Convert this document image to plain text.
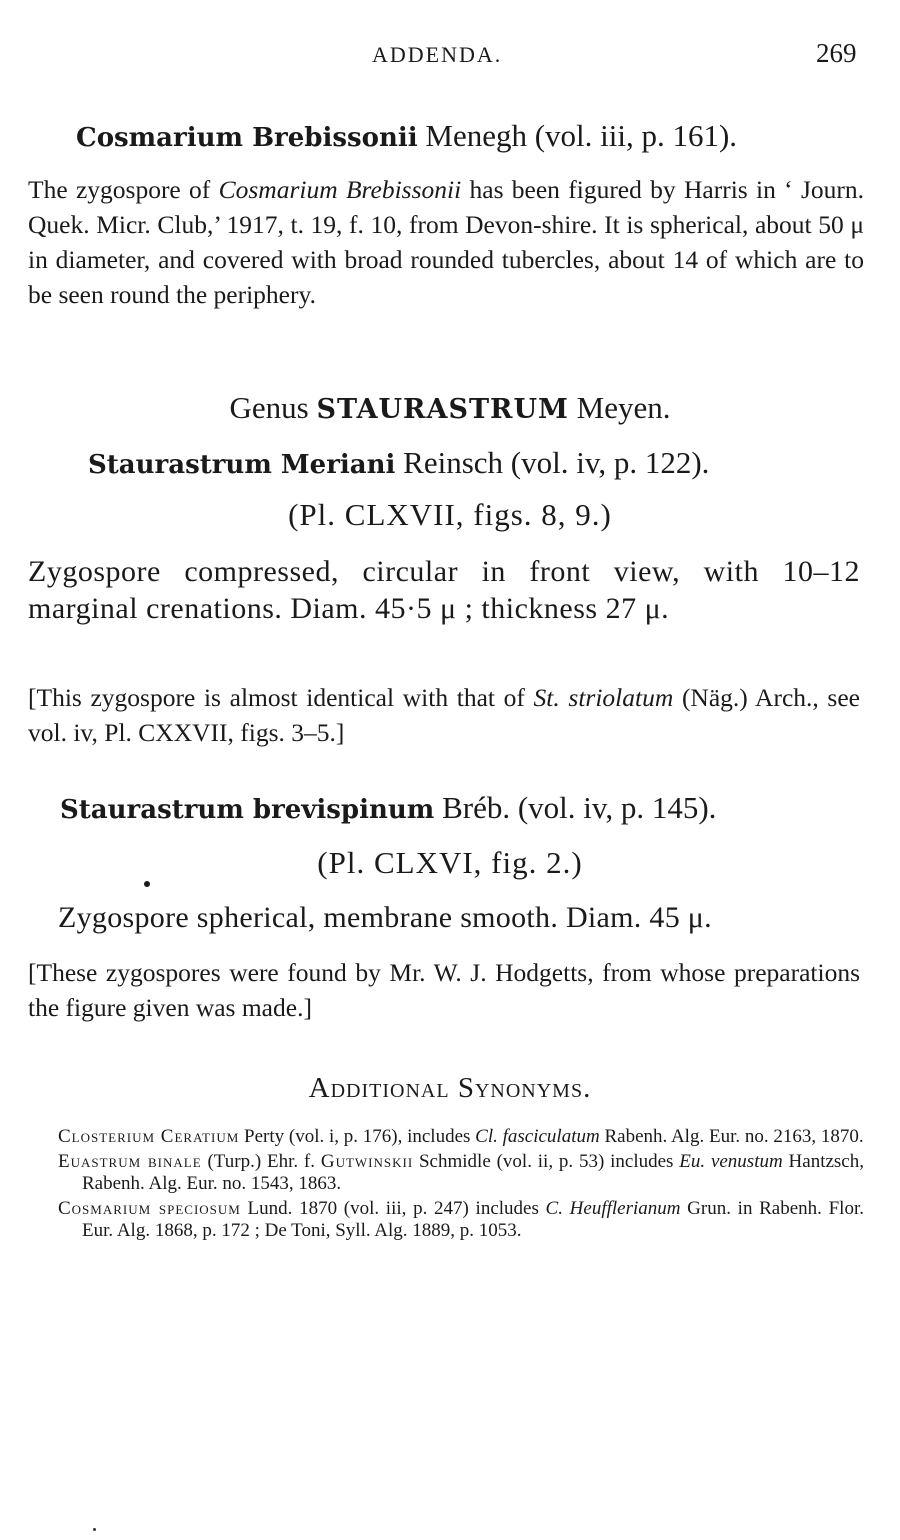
ADDENDA.	269
Cosmarium Brebissonii Menegh (vol. iii, p. 161).
The zygospore of Cosmarium Brebissonii has been figured by Harris in ‘ Journ. Quek. Micr. Club,’ 1917, t. 19, f. 10, from Devon-shire. It is spherical, about 50 μ in diameter, and covered with broad rounded tubercles, about 14 of which are to be seen round the periphery.
Genus STAURASTRUM Meyen.
Staurastrum Meriani Reinsch (vol. iv, p. 122).
(Pl. CLXVII, figs. 8, 9.)
Zygospore compressed, circular in front view, with 10–12 marginal crenations. Diam. 45·5 μ ; thickness 27 μ.
[This zygospore is almost identical with that of St. striolatum (Näg.) Arch., see vol. iv, Pl. CXXVII, figs. 3–5.]
Staurastrum brevispinum Bréb. (vol. iv, p. 145).
(Pl. CLXVI, fig. 2.)
Zygospore spherical, membrane smooth. Diam. 45 μ.
[These zygospores were found by Mr. W. J. Hodgetts, from whose preparations the figure given was made.]
Additional Synonyms.

Closterium Ceratium Perty (vol. i, p. 176), includes Cl. fasciculatum Rabenh. Alg. Eur. no. 2163, 1870.

Euastrum binale (Turp.) Ehr. f. Gutwinskii Schmidle (vol. ii, p. 53) includes Eu. venustum Hantzsch, Rabenh. Alg. Eur. no. 1543, 1863.

Cosmarium speciosum Lund. 1870 (vol. iii, p. 247) includes C. Heufflerianum Grun. in Rabenh. Flor. Eur. Alg. 1868, p. 172 ; De Toni, Syll. Alg. 1889, p. 1053.
